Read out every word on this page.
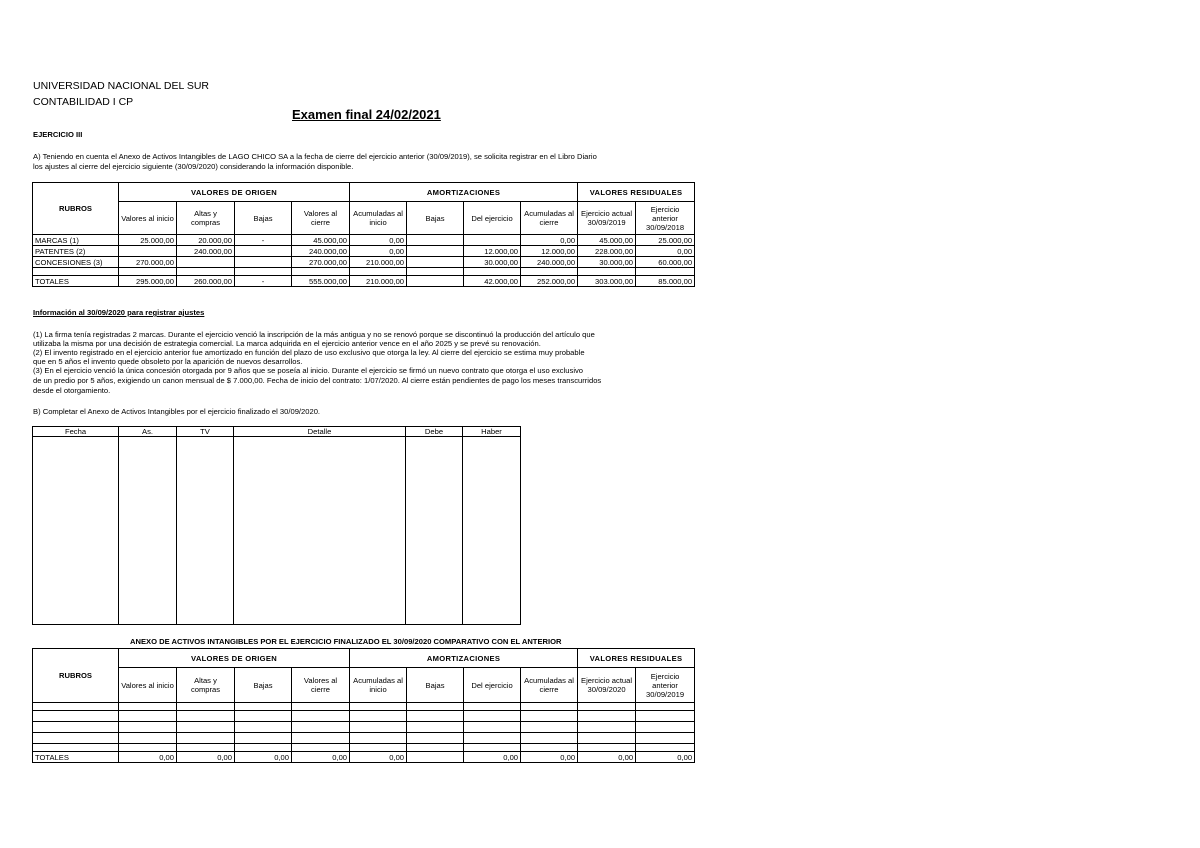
UNIVERSIDAD NACIONAL DEL SUR
CONTABILIDAD I CP
Examen final 24/02/2021
EJERCICIO III
A) Teniendo en cuenta el Anexo de Activos Intangibles de LAGO CHICO SA a la fecha de cierre del ejercicio anterior (30/09/2019), se solicita registrar en el Libro Diario
los ajustes al cierre del ejercicio siguiente (30/09/2020) considerando la información disponible.
RUBROS	VALORES DE ORIGEN				AMORTIZACIONES				VALORES RESIDUALES	
	Valores al inicio	Altas y compras	Bajas	Valores al cierre	Acumuladas al inicio	Bajas	Del ejercicio	Acumuladas al cierre	Ejercicio actual 30/09/2019	Ejercicio anterior 30/09/2018
MARCAS (1)	25.000,00	20.000,00	-	45.000,00	0,00			0,00	45.000,00	25.000,00
PATENTES (2)		240.000,00		240.000,00	0,00		12.000,00	12.000,00	228.000,00	0,00
CONCESIONES (3)	270.000,00			270.000,00	210.000,00		30.000,00	240.000,00	30.000,00	60.000,00

TOTALES	295.000,00	260.000,00	-	555.000,00	210.000,00		42.000,00	252.000,00	303.000,00	85.000,00
Información al 30/09/2020 para registrar ajustes
(1) La firma tenía registradas 2 marcas. Durante el ejercicio venció la inscripción de la más antigua y no se renovó porque se discontinuó la producción del artículo que
utilizaba la misma por una decisión de estrategia comercial. La marca adquirida en el ejercicio anterior vence en el año 2025 y se prevé su renovación.
(2) El invento registrado en el ejercicio anterior fue amortizado en función del plazo de uso exclusivo que otorga la ley. Al cierre del ejercicio se estima muy probable
que en 5 años el invento quede obsoleto por la aparición de nuevos desarrollos.
(3) En el ejercicio venció la única concesión otorgada por 9 años que se poseía al inicio. Durante el ejercicio se firmó un nuevo contrato que otorga el uso exclusivo
de un predio por 5 años, exigiendo un canon mensual de $ 7.000,00. Fecha de inicio del contrato: 1/07/2020. Al cierre están pendientes de pago los meses transcurridos
desde el otorgamiento.
B) Completar el Anexo de Activos Intangibles por el ejercicio finalizado el 30/09/2020.
Fecha	As.	TV	Detalle	Debe	Haber

ANEXO DE ACTIVOS INTANGIBLES POR EL EJERCICIO FINALIZADO EL 30/09/2020 COMPARATIVO CON EL ANTERIOR
RUBROS	VALORES DE ORIGEN				AMORTIZACIONES				VALORES RESIDUALES	
	Valores al inicio	Altas y compras	Bajas	Valores al cierre	Acumuladas al inicio	Bajas	Del ejercicio	Acumuladas al cierre	Ejercicio actual 30/09/2020	Ejercicio anterior 30/09/2019

TOTALES	0,00	0,00	0,00	0,00	0,00		0,00	0,00	0,00	0,00
